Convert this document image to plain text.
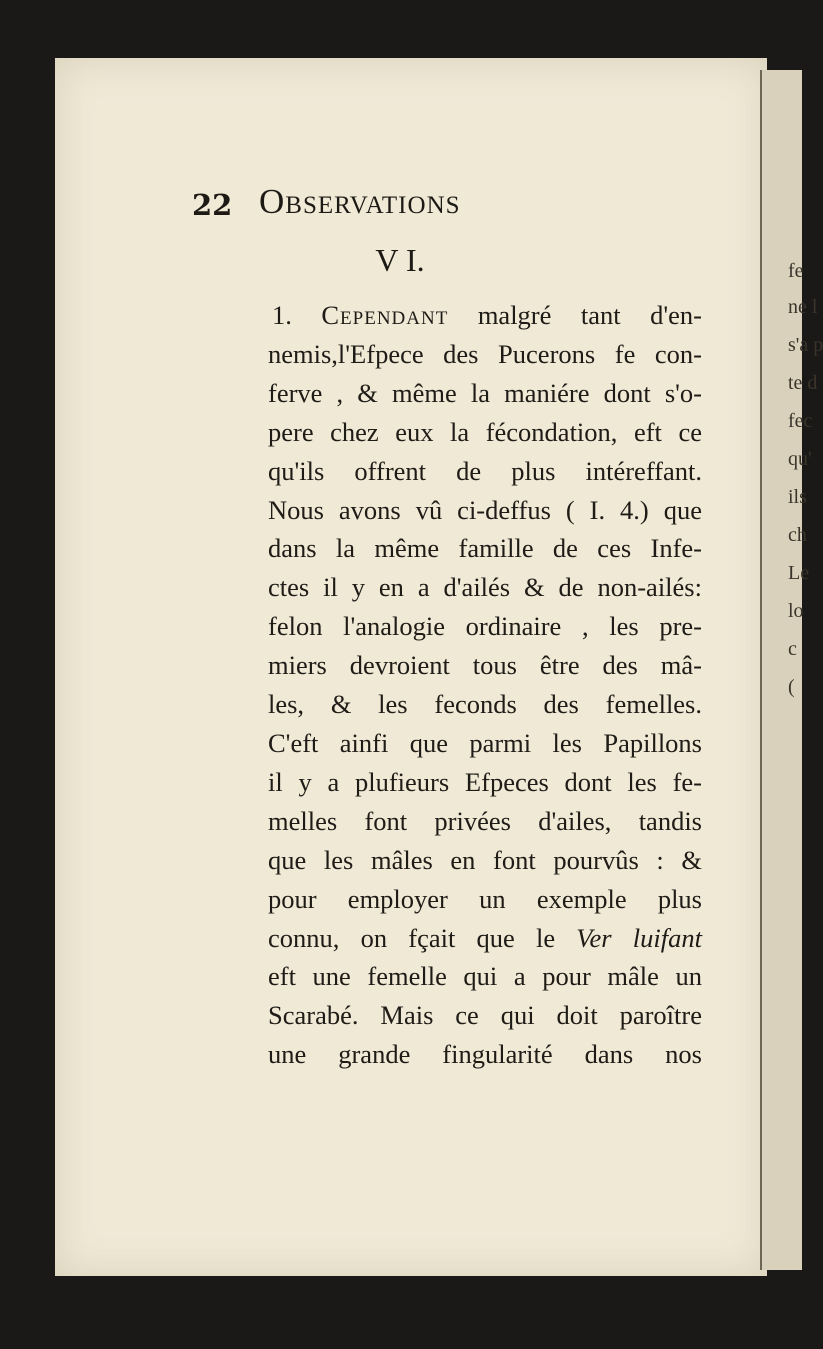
fe
ne l
s'a p
te d
fec
qu'
ils
ch
Le
lo
c
(
22 Observations
V I.
1. Cependant malgré tant d'en-
nemis,l'Efpece des Pucerons fe con-
ferve , & même la maniére dont s'o-
pere chez eux la fécondation, eft ce
qu'ils offrent de plus intéreffant.
Nous avons vû ci-deffus ( I. 4.) que
dans la même famille de ces Infe-
ctes il y en a d'ailés & de non-ailés:
felon l'analogie ordinaire , les pre-
miers devroient tous être des mâ-
les, & les feconds des femelles.
C'eft ainfi que parmi les Papillons
il y a plufieurs Efpeces dont les fe-
melles font privées d'ailes, tandis
que les mâles en font pourvûs : &
pour employer un exemple plus
connu, on fçait que le Ver luifant
eft une femelle qui a pour mâle un
Scarabé. Mais ce qui doit paroître
une grande fingularité dans nos
